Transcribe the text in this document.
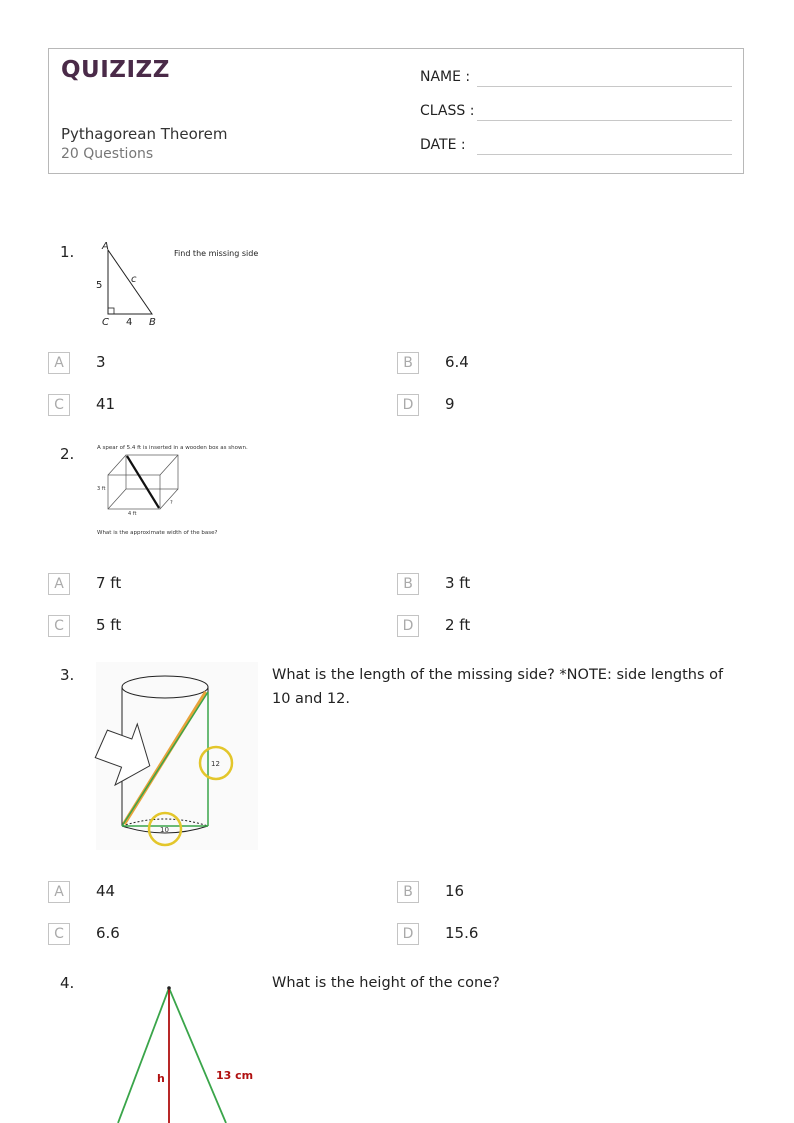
QUIZIZZ
Pythagorean Theorem
20 Questions
NAME :
CLASS :
DATE :
1.	A
5
c
C 4 B
Find the missing side
A	3	B	6.4
C	41	D	9
2.	A spear of 5.4 ft is inserted in a wooden box as shown.
3 ft
4 ft
?
What is the approximate width of the base?
A	7 ft	B	3 ft
C	5 ft	D	2 ft
3.
12
10
What is the length of the missing side? *NOTE: side lengths of
10 and 12.
A	44	B	16
C	6.6	D	15.6
4.
h	13 cm
What is the height of the cone?
